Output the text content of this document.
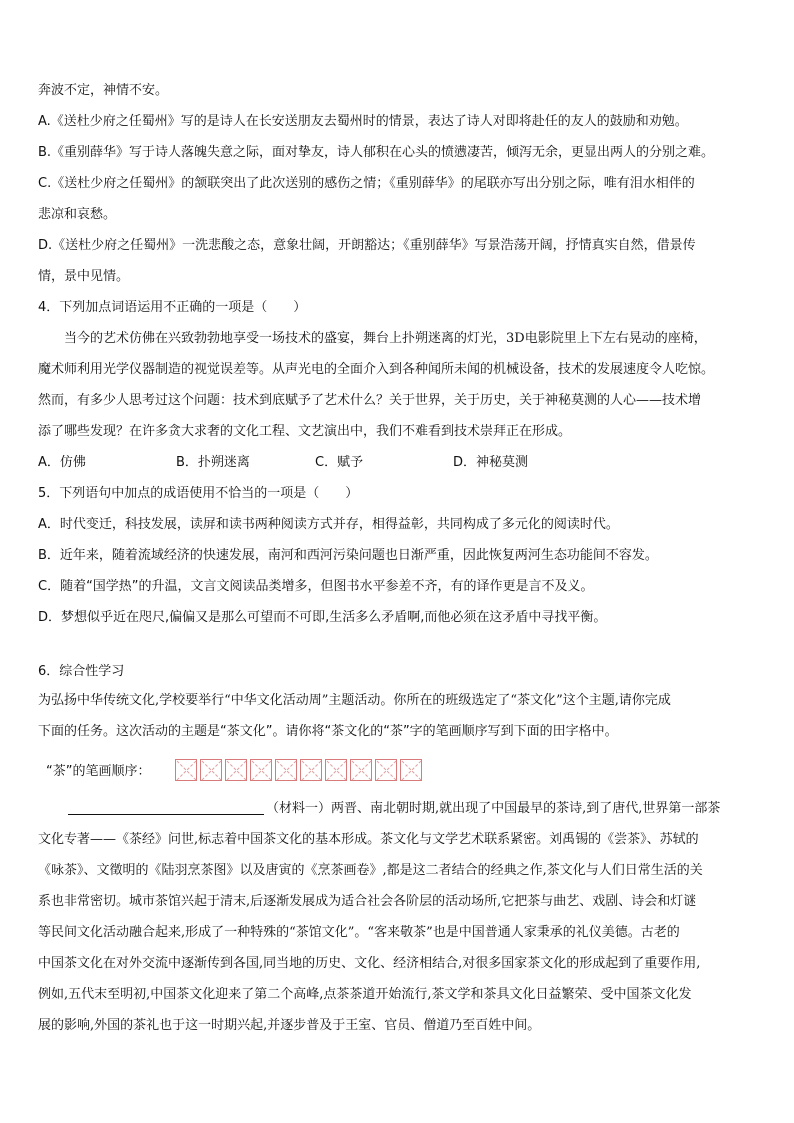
奔波不定，神情不安。
A.《送杜少府之任蜀州》写的是诗人在长安送朋友去蜀州时的情景，表达了诗人对即将赴任的友人的鼓励和劝勉。
B.《重别薛华》写于诗人落魄失意之际，面对挚友，诗人郁积在心头的愤懑凄苦，倾泻无余，更显出两人的分别之难。
C.《送杜少府之任蜀州》的颔联突出了此次送别的感伤之情；《重别薛华》的尾联亦写出分别之际，唯有泪水相伴的
悲凉和哀愁。
D.《送杜少府之任蜀州》一洗悲酸之态，意象壮阔，开朗豁达；《重别薛华》写景浩荡开阔，抒情真实自然，借景传
情，景中见情。
4．下列加点词语运用不正确的一项是（　　）
当今的艺术仿佛在兴致勃勃地享受一场技术的盛宴，舞台上扑朔迷离的灯光，3D电影院里上下左右晃动的座椅，
魔术师利用光学仪器制造的视觉误差等。从声光电的全面介入到各种闻所未闻的机械设备，技术的发展速度令人吃惊。
然而，有多少人思考过这个问题：技术到底赋予了艺术什么？关于世界，关于历史，关于神秘莫测的人心——技术增
添了哪些发现？在许多贪大求奢的文化工程、文艺演出中，我们不难看到技术崇拜正在形成。
A．仿佛	B．扑朔迷离	C．赋予	D．神秘莫测
5．下列语句中加点的成语使用不恰当的一项是（　　）
A．时代变迁，科技发展，读屏和读书两种阅读方式并存，相得益彰，共同构成了多元化的阅读时代。
B．近年来，随着流域经济的快速发展，南河和西河污染问题也日渐严重，因此恢复两河生态功能间不容发。
C．随着“国学热”的升温，文言文阅读品类增多，但图书水平参差不齐，有的译作更是言不及义。
D．梦想似乎近在咫尺,偏偏又是那么可望而不可即,生活多么矛盾啊,而他必须在这矛盾中寻找平衡。
6．综合性学习
为弘扬中华传统文化,学校要举行“中华文化活动周”主题活动。你所在的班级选定了“茶文化”这个主题,请你完成
下面的任务。这次活动的主题是“茶文化”。请你将“茶文化的“茶”字的笔画顺序写到下面的田字格中。
“茶”的笔画顺序：
（材料一）两晋、南北朝时期,就出现了中国最早的茶诗,到了唐代,世界第一部茶
文化专著——《茶经》问世,标志着中国茶文化的基本形成。茶文化与文学艺术联系紧密。刘禹锡的《尝茶》、苏轼的
《咏茶》、文徵明的《陆羽烹茶图》以及唐寅的《烹茶画卷》,都是这二者结合的经典之作,茶文化与人们日常生活的关
系也非常密切。城市茶馆兴起于清末,后逐渐发展成为适合社会各阶层的活动场所,它把茶与曲艺、戏剧、诗会和灯谜
等民间文化活动融合起来,形成了一种特殊的“茶馆文化”。“客来敬茶”也是中国普通人家秉承的礼仪美德。古老的
中国茶文化在对外交流中逐渐传到各国,同当地的历史、文化、经济相结合,对很多国家茶文化的形成起到了重要作用,
例如,五代末至明初,中国茶文化迎来了第二个高峰,点茶茶道开始流行,茶文学和茶具文化日益繁荣、受中国茶文化发
展的影响,外国的茶礼也于这一时期兴起,并逐步普及于王室、官员、僧道乃至百姓中间。
